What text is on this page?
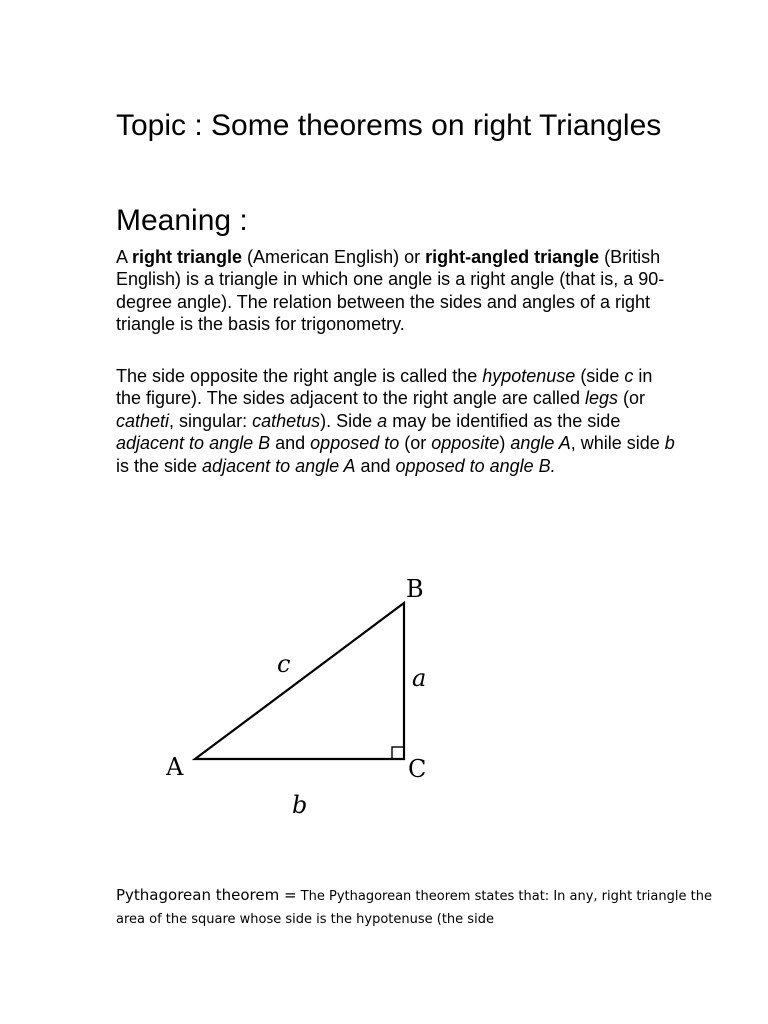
Topic : Some theorems on right Triangles
Meaning :

A right triangle (American English) or right-angled triangle (British English) is a triangle in which one angle is a right angle (that is, a 90-degree angle). The relation between the sides and angles of a right triangle is the basis for trigonometry.

The side opposite the right angle is called the hypotenuse (side c in the figure). The sides adjacent to the right angle are called legs (or catheti, singular: cathetus). Side a may be identified as the side adjacent to angle B and opposed to (or opposite) angle A, while side b is the side adjacent to angle A and opposed to angle B.

B
A	C
c	a
b

Pythagorean theorem = The Pythagorean theorem states that: In any, right triangle the area of the square whose side is the hypotenuse (the side
